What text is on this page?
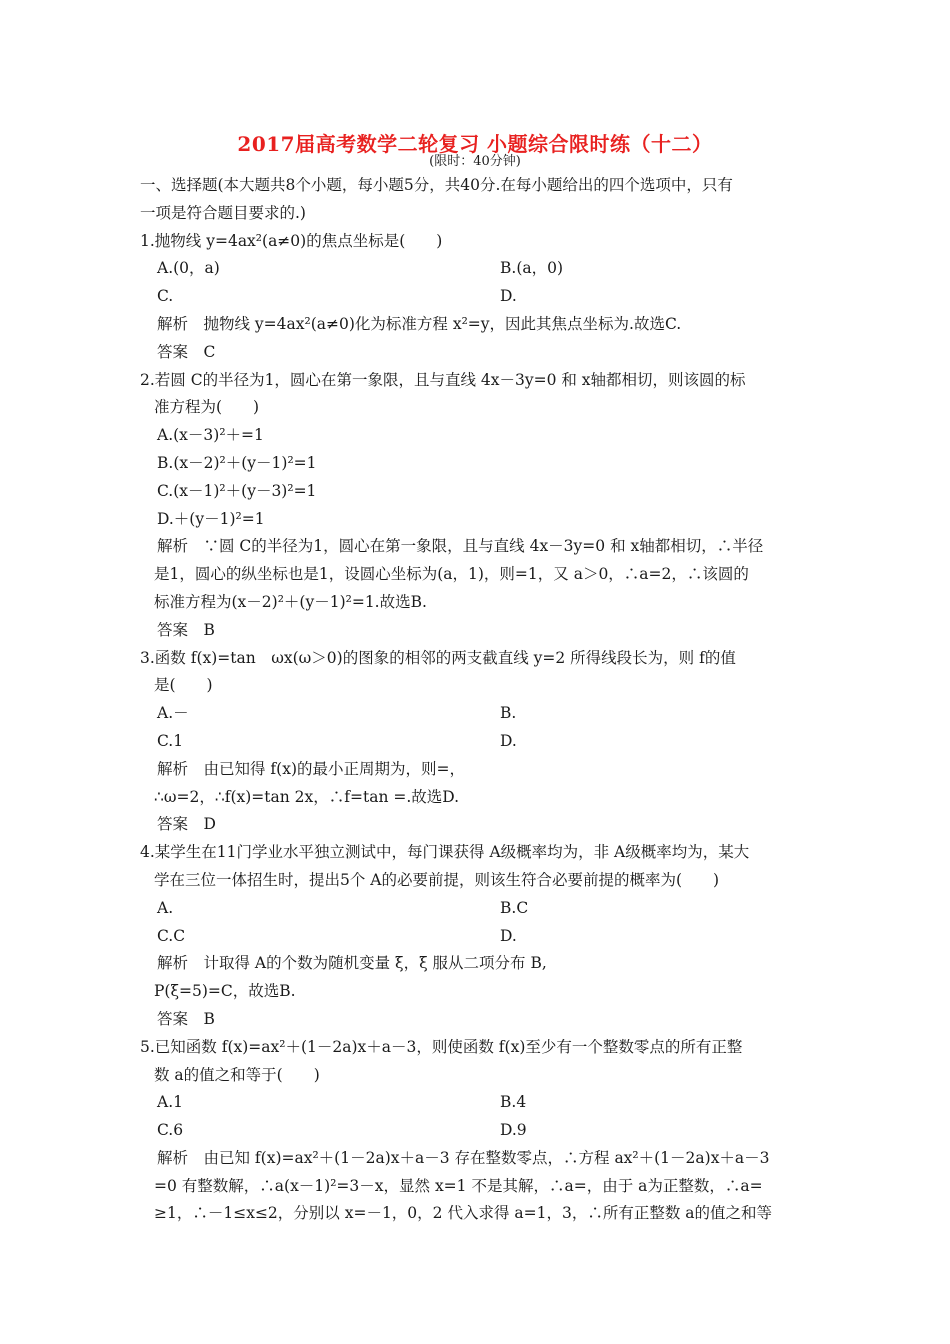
2017届高考数学二轮复习 小题综合限时练（十二）
(限时：40分钟)
一、选择题(本大题共8个小题，每小题5分，共40分.在每小题给出的四个选项中，只有
一项是符合题目要求的.)
1.抛物线 y=4ax²(a≠0)的焦点坐标是(　　)
A.(0，a)	B.(a，0)
C.	D.
解析　抛物线 y=4ax²(a≠0)化为标准方程 x²=y，因此其焦点坐标为.故选C.
答案　C
2.若圆 C的半径为1，圆心在第一象限，且与直线 4x－3y=0 和 x轴都相切，则该圆的标
准方程为(　　)
A.(x－3)²＋=1
B.(x－2)²＋(y－1)²=1
C.(x－1)²＋(y－3)²=1
D.＋(y－1)²=1
解析　∵圆 C的半径为1，圆心在第一象限，且与直线 4x－3y=0 和 x轴都相切，∴半径
是1，圆心的纵坐标也是1，设圆心坐标为(a，1)，则=1，又 a＞0，∴a=2，∴该圆的
标准方程为(x－2)²＋(y－1)²=1.故选B.
答案　B
3.函数 f(x)=tan　ωx(ω＞0)的图象的相邻的两支截直线 y=2 所得线段长为，则 f的值
是(　　)
A.－	B.
C.1	D.
解析　由已知得 f(x)的最小正周期为，则=，
∴ω=2，∴f(x)=tan 2x，∴f=tan =.故选D.
答案　D
4.某学生在11门学业水平独立测试中，每门课获得 A级概率均为，非 A级概率均为，某大
学在三位一体招生时，提出5个 A的必要前提，则该生符合必要前提的概率为(　　)
A.	B.C
C.C	D.
解析　计取得 A的个数为随机变量 ξ，ξ 服从二项分布 B,
P(ξ=5)=C，故选B.
答案　B
5.已知函数 f(x)=ax²＋(1－2a)x＋a－3，则使函数 f(x)至少有一个整数零点的所有正整
数 a的值之和等于(　　)
A.1	B.4
C.6	D.9
解析　由已知 f(x)=ax²＋(1－2a)x＋a－3 存在整数零点，∴方程 ax²＋(1－2a)x＋a－3
=0 有整数解，∴a(x－1)²=3－x，显然 x=1 不是其解，∴a=，由于 a为正整数，∴a=
≥1，∴－1≤x≤2，分别以 x=－1，0，2 代入求得 a=1，3，∴所有正整数 a的值之和等
